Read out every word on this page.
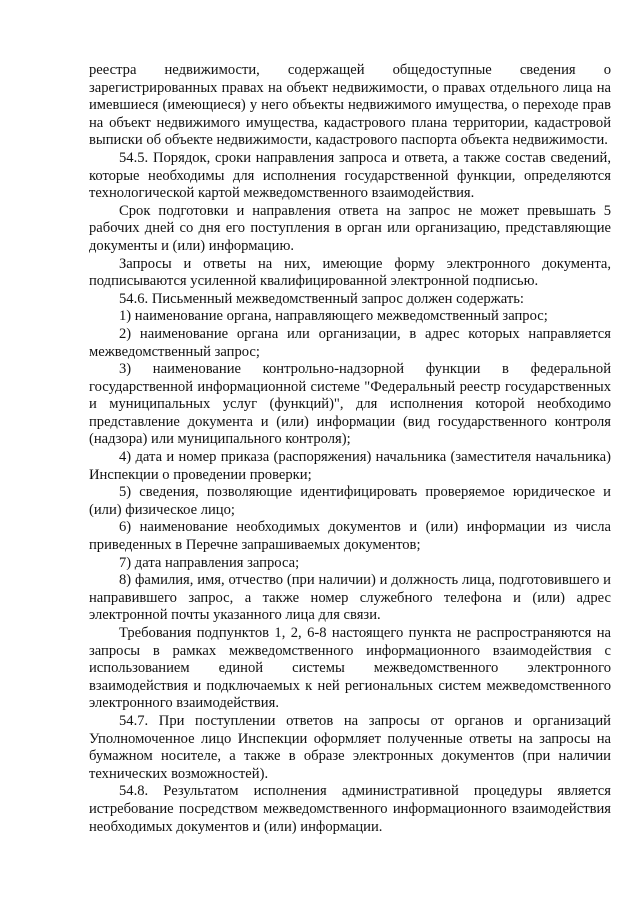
реестра недвижимости, содержащей общедоступные сведения о зарегистрированных правах на объект недвижимости, о правах отдельного лица на имевшиеся (имеющиеся) у него объекты недвижимого имущества, о переходе прав на объект недвижимого имущества, кадастрового плана территории, кадастровой выписки об объекте недвижимости, кадастрового паспорта объекта недвижимости.

54.5. Порядок, сроки направления запроса и ответа, а также состав сведений, которые необходимы для исполнения государственной функции, определяются технологической картой межведомственного взаимодействия.

Срок подготовки и направления ответа на запрос не может превышать 5 рабочих дней со дня его поступления в орган или организацию, представляющие документы и (или) информацию.

Запросы и ответы на них, имеющие форму электронного документа, подписываются усиленной квалифицированной электронной подписью.

54.6. Письменный межведомственный запрос должен содержать:

1) наименование органа, направляющего межведомственный запрос;

2) наименование органа или организации, в адрес которых направляется межведомственный запрос;

3) наименование контрольно-надзорной функции в федеральной государственной информационной системе "Федеральный реестр государственных и муниципальных услуг (функций)", для исполнения которой необходимо представление документа и (или) информации (вид государственного контроля (надзора) или муниципального контроля);

4) дата и номер приказа (распоряжения) начальника (заместителя начальника) Инспекции о проведении проверки;

5) сведения, позволяющие идентифицировать проверяемое юридическое и (или) физическое лицо;

6) наименование необходимых документов и (или) информации из числа приведенных в Перечне запрашиваемых документов;

7) дата направления запроса;

8) фамилия, имя, отчество (при наличии) и должность лица, подготовившего и направившего запрос, а также номер служебного телефона и (или) адрес электронной почты указанного лица для связи.

Требования подпунктов 1, 2, 6-8 настоящего пункта не распространяются на запросы в рамках межведомственного информационного взаимодействия с использованием единой системы межведомственного электронного взаимодействия и подключаемых к ней региональных систем межведомственного электронного взаимодействия.

54.7. При поступлении ответов на запросы от органов и организаций Уполномоченное лицо Инспекции оформляет полученные ответы на запросы на бумажном носителе, а также в образе электронных документов (при наличии технических возможностей).

54.8. Результатом исполнения административной процедуры является истребование посредством межведомственного информационного взаимодействия необходимых документов и (или) информации.
